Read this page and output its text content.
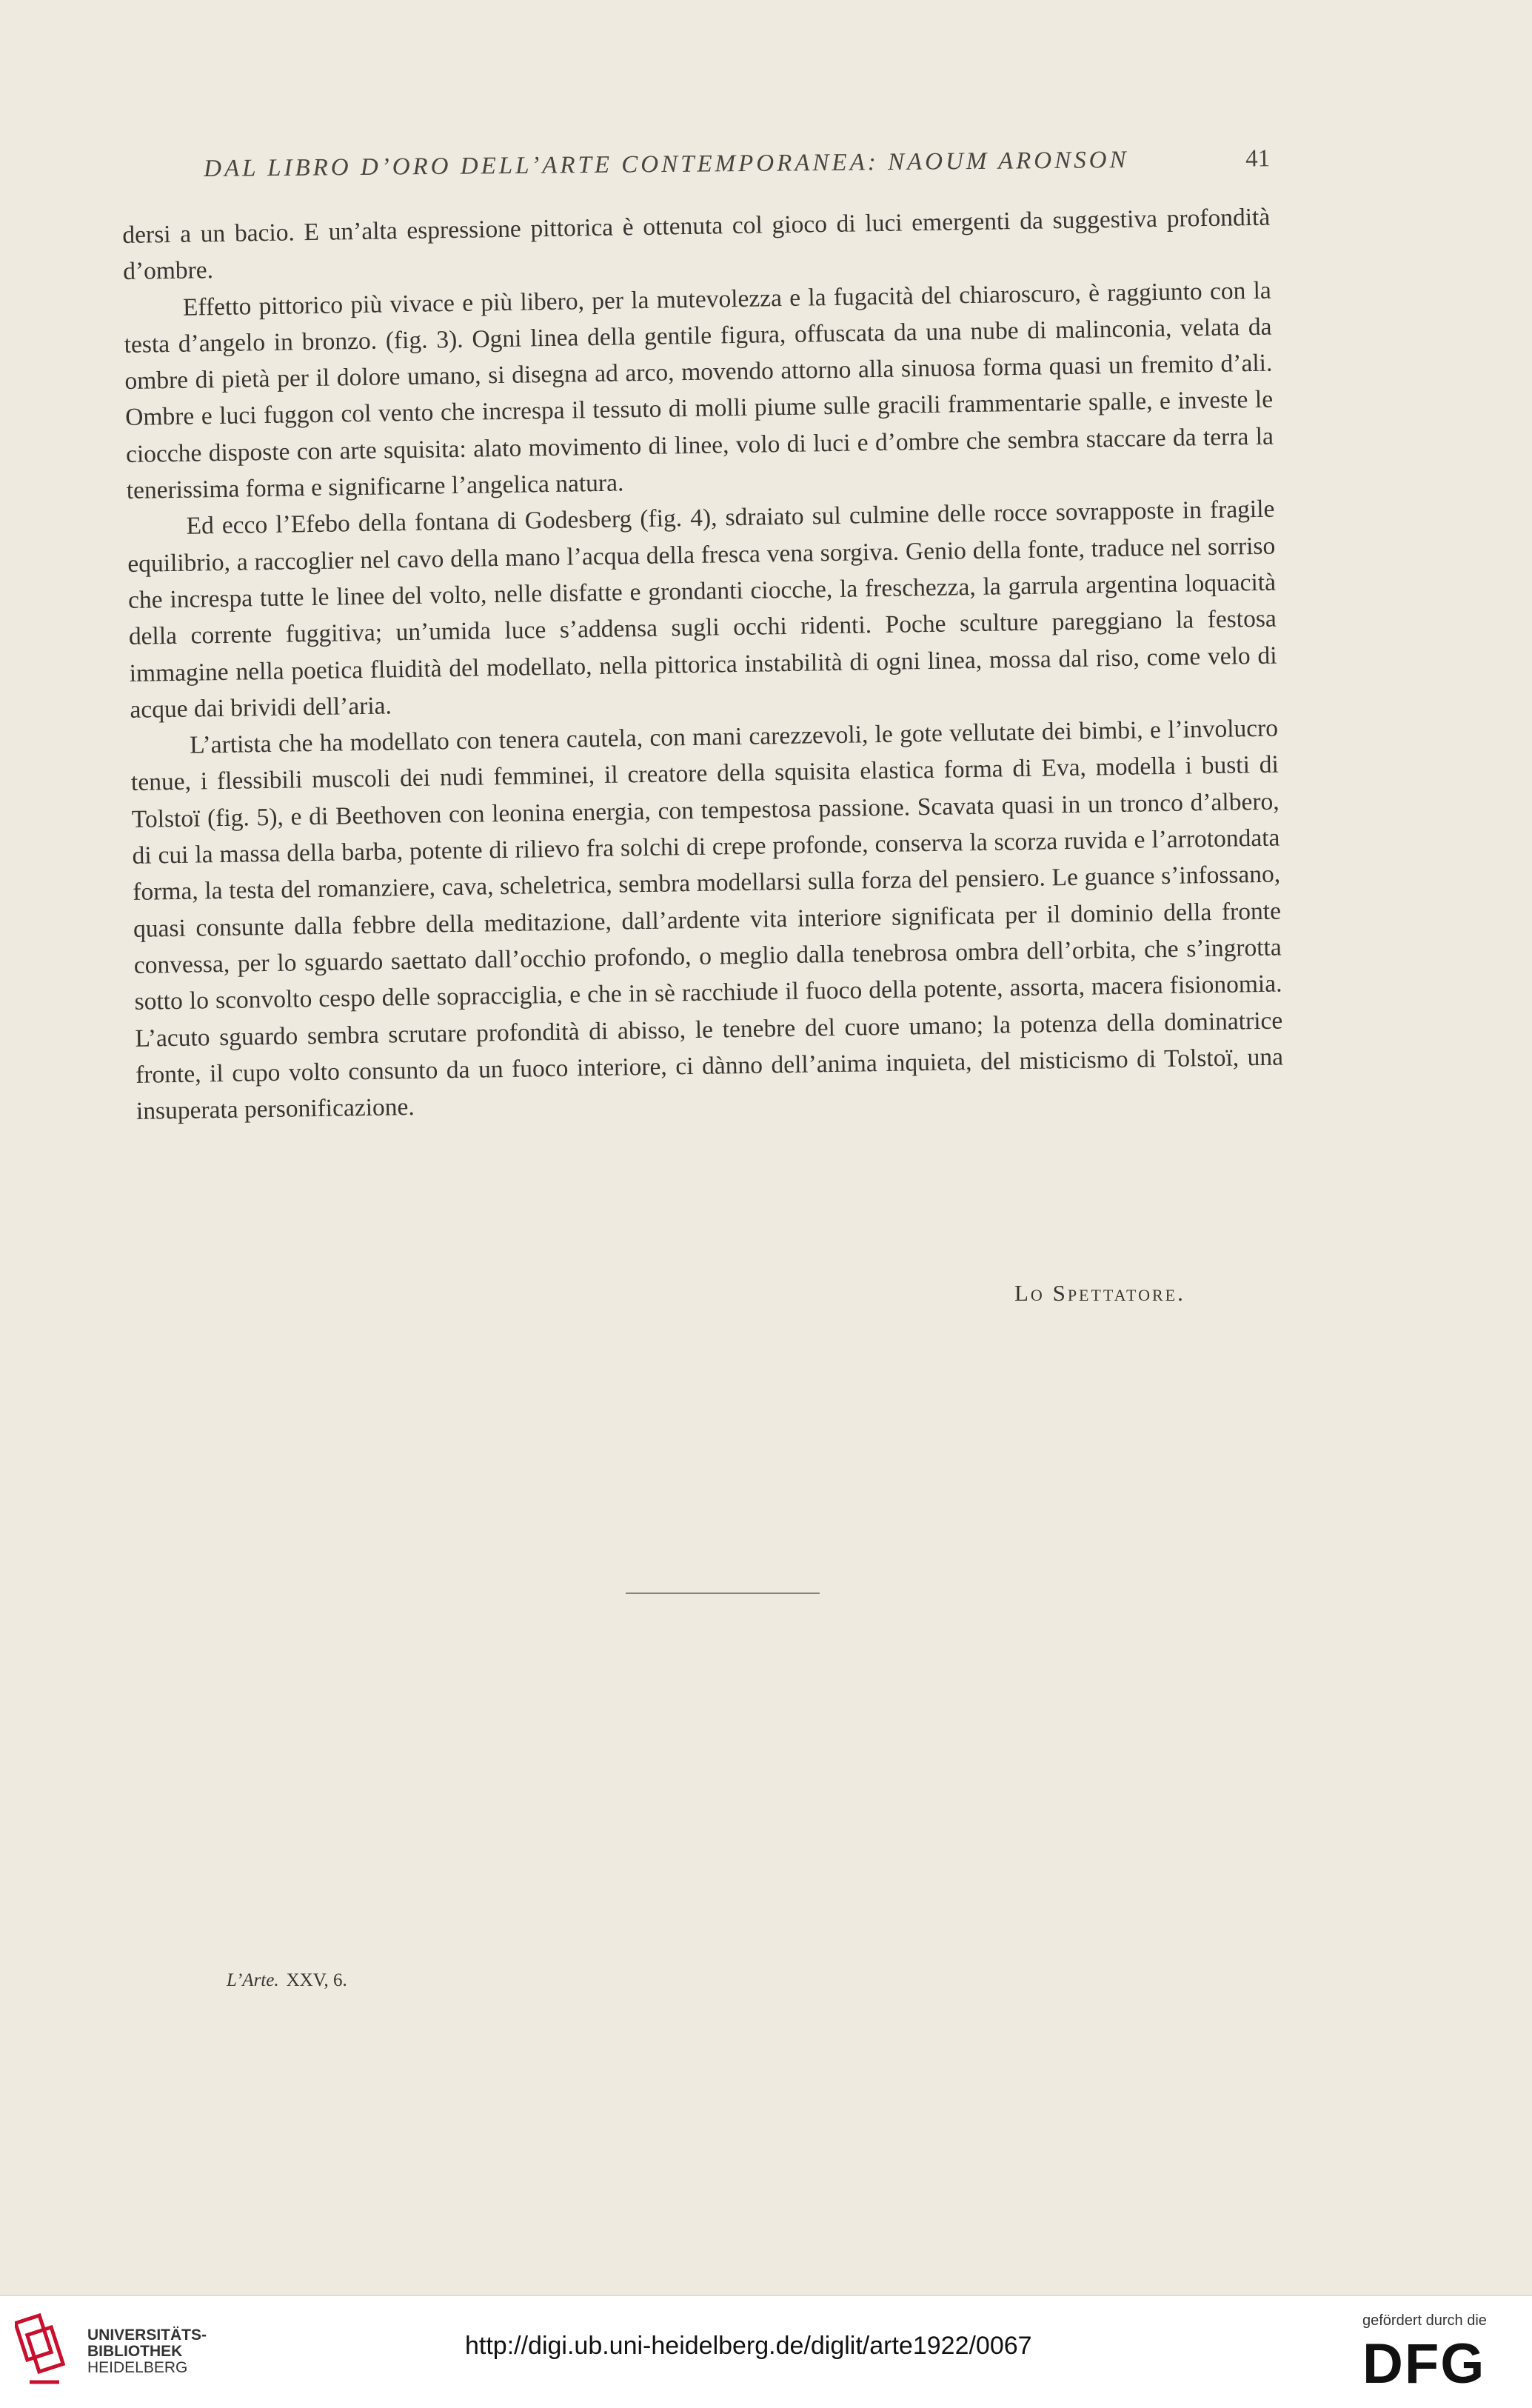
DAL LIBRO D’ORO DELL’ARTE CONTEMPORANEA: NAOUM ARONSON	41

dersi a un bacio. E un’alta espressione pittorica è ottenuta col gioco di luci emergenti da suggestiva profondità d’ombre.

Effetto pittorico più vivace e più libero, per la mutevolezza e la fugacità del chiaroscuro, è raggiunto con la testa d’angelo in bronzo. (fig. 3). Ogni linea della gentile figura, offuscata da una nube di malinconia, velata da ombre di pietà per il dolore umano, si disegna ad arco, movendo attorno alla sinuosa forma quasi un fremito d’ali. Ombre e luci fuggon col vento che increspa il tessuto di molli piume sulle gracili frammentarie spalle, e investe le ciocche disposte con arte squisita: alato movimento di linee, volo di luci e d’ombre che sembra staccare da terra la tenerissima forma e significarne l’angelica natura.

Ed ecco l’Efebo della fontana di Godesberg (fig. 4), sdraiato sul culmine delle rocce sovrapposte in fragile equilibrio, a raccoglier nel cavo della mano l’acqua della fresca vena sorgiva. Genio della fonte, traduce nel sorriso che increspa tutte le linee del volto, nelle disfatte e grondanti ciocche, la freschezza, la garrula argentina loquacità della corrente fuggitiva; un’umida luce s’addensa sugli occhi ridenti. Poche sculture pareggiano la festosa immagine nella poetica fluidità del modellato, nella pittorica instabilità di ogni linea, mossa dal riso, come velo di acque dai brividi dell’aria.

L’artista che ha modellato con tenera cautela, con mani carezzevoli, le gote vellutate dei bimbi, e l’involucro tenue, i flessibili muscoli dei nudi femminei, il creatore della squisita elastica forma di Eva, modella i busti di Tolstoï (fig. 5), e di Beethoven con leonina energia, con tempestosa passione. Scavata quasi in un tronco d’albero, di cui la massa della barba, potente di rilievo fra solchi di crepe profonde, conserva la scorza ruvida e l’arrotondata forma, la testa del romanziere, cava, scheletrica, sembra modellarsi sulla forza del pensiero. Le guance s’infossano, quasi consunte dalla febbre della meditazione, dall’ardente vita interiore significata per il dominio della fronte convessa, per lo sguardo saettato dall’occhio profondo, o meglio dalla tenebrosa ombra dell’orbita, che s’ingrotta sotto lo sconvolto cespo delle sopracciglia, e che in sè racchiude il fuoco della potente, assorta, macera fisionomia. L’acuto sguardo sembra scrutare profondità di abisso, le tenebre del cuore umano; la potenza della dominatrice fronte, il cupo volto consunto da un fuoco interiore, ci dànno dell’anima inquieta, del misticismo di Tolstoï, una insuperata personificazione.

Lo Spettatore.
L’Arte. XXV, 6.
UNIVERSITÄTS-
BIBLIOTHEK
HEIDELBERG
http://digi.ub.uni-heidelberg.de/diglit/arte1922/0067
gefördert durch die
DFG
